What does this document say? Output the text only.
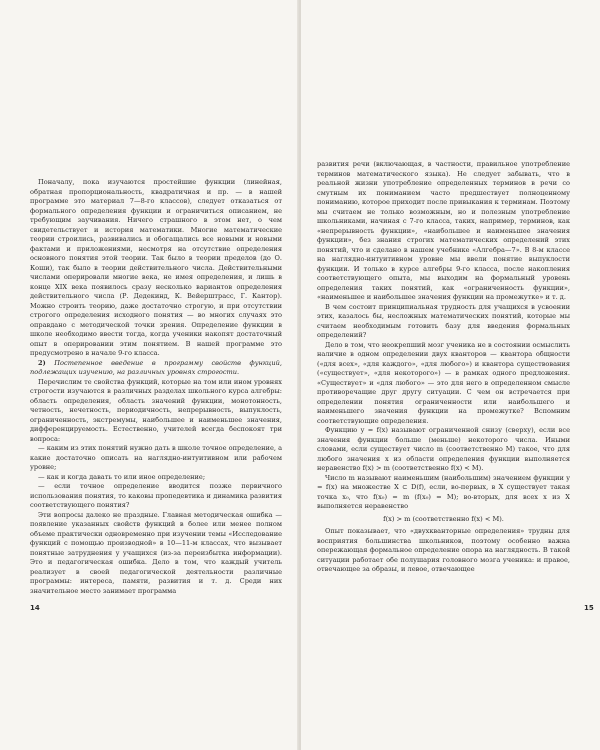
Поначалу, пока изучаются простейшие функции (линейная, обратная пропорциональность, квадратичная и пр. — в нашей программе это материал 7—8-го классов), следует отказаться от формального определения функции и ограничиться описанием, не требующим заучивания. Ничего страшного в этом нет, о чем свидетельствует и история математики. Многие математические теории строились, развивались и обогащались все новыми и новыми фактами и приложениями, несмотря на отсутствие определения основного понятия этой теории. Так было в теории пределов (до О. Коши), так было в теории действительного числа. Действительными числами оперировали многие века, не имея определения, и лишь в конце XIX века появилось сразу несколько вариантов определения действительного числа (Р. Дедекинд, К. Вейерштрасс, Г. Кантор). Можно строить теорию, даже достаточно строгую, и при отсутствии строгого определения исходного понятия — во многих случаях это оправдано с методической точки зрения. Определение функции в школе необходимо ввести тогда, когда ученики накопят достаточный опыт в оперировании этим понятием. В нашей программе это предусмотрено в начале 9-го класса.

2) Постепенное введение в программу свойств функций, подлежащих изучению, на различных уровнях строгости.

Перечислим те свойства функций, которые на том или ином уровнях строгости изучаются в различных разделах школьного курса алгебры: область определения, область значений функции, монотонность, четность, нечетность, периодичность, непрерывность, выпуклость, ограниченность, экстремумы, наибольшее и наименьшее значения, дифференцируемость. Естественно, учителей всегда беспокоят три вопроса:

— каким из этих понятий нужно дать в школе точное определение, а какие достаточно описать на наглядно-интуитивном или рабочем уровне;

— как и когда давать то или иное определение;

— если точное определение вводится позже первичного использования понятия, то каковы пропедевтика и динамика развития соответствующего понятия?

Эти вопросы далеко не праздные. Главная методическая ошибка — появление указанных свойств функций в более или менее полном объеме практически одновременно при изучении темы «Исследование функций с помощью производной» в 10—11-м классах, что вызывает понятные затруднения у учащихся (из-за переизбытка информации). Это и педагогическая ошибка. Дело в том, что каждый учитель реализует в своей педагогической деятельности различные программы: интереса, памяти, развития и т. д. Среди них значительное место занимает программа

развития речи (включающая, в частности, правильное употребление терминов математического языка). Не следует забывать, что в реальной жизни употребление определенных терминов в речи со смутным их пониманием часто предшествует полноценному пониманию, которое приходит после привыкания к терминам. Поэтому мы считаем не только возможным, но и полезным употребление школьниками, начиная с 7-го класса, таких, например, терминов, как «непрерывность функции», «наибольшее и наименьшее значения функции», без знания строгих математических определений этих понятий, что и сделано в нашем учебнике «Алгебра—7». В 8-м классе на наглядно-интуитивном уровне мы ввели понятие выпуклости функции. И только в курсе алгебры 9-го класса, после накопления соответствующего опыта, мы выходим на формальный уровень определения таких понятий, как «ограниченность функции», «наименьшее и наибольшее значения функции на промежутке» и т. д.

В чем состоит принципиальная трудность для учащихся в усвоении этих, казалось бы, несложных математических понятий, которые мы считаем необходимым готовить базу для введения формальных определений?

Дело в том, что неокрепший мозг ученика не в состоянии осмыслить наличие в одном определении двух кванторов — квантора общности («для всех», «для каждого», «для любого») и квантора существования («существует», «для некоторого») — в рамках одного предложения. «Существует» и «для любого» — это для него в определенном смысле противоречащие друг другу ситуации. С чем он встречается при определении понятия ограниченности или наибольшего и наименьшего значения функции на промежутке? Вспомним соответствующие определения.

Функцию y = f(x) называют ограниченной снизу (сверху), если все значения функции больше (меньше) некоторого числа. Иными словами, если существует число m (соответственно M) такое, что для любого значения x из области определения функции выполняется неравенство f(x) > m (соответственно f(x) < M).

Число m называют наименьшим (наибольшим) значением функции y = f(x) на множестве X ⊂ D(f), если, во-первых, в X существует такая точка x₀, что f(x₀) = m (f(x₀) = M); во-вторых, для всех x из X выполняется неравенство

f(x) > m (соответственно f(x) < M).

Опыт показывает, что «двухкванторные определения» трудны для восприятия большинства школьников, поэтому особенно важна опережающая формальное определение опора на наглядность. В такой ситуации работает обе полушария головного мозга ученика: и правое, отвечающее за образы, и левое, отвечающее

14	15
